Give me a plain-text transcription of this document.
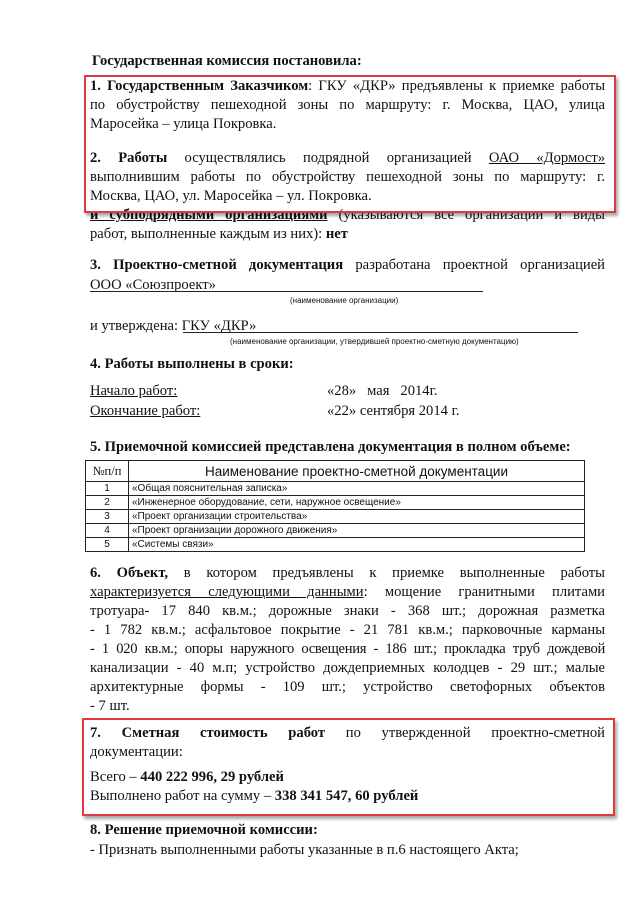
Государственная комиссия постановила:
1. Государственным Заказчиком: ГКУ «ДКР» предъявлены к приемке работы
по обустройству пешеходной зоны по маршруту: г. Москва, ЦАО, улица
Маросейка – улица Покровка.
2. Работы осуществлялись подрядной организацией ОАО «Дормост»
выполнившим работы по обустройству пешеходной зоны по маршруту: г.
Москва, ЦАО, ул. Маросейка – ул. Покровка.
и субподрядными организациями (указываются все организации и виды
работ, выполненные каждым из них): нет
3. Проектно-сметной документация разработана проектной организацией
ООО «Союзпроект»
(наименование организации)
и утверждена: ГКУ «ДКР»
(наименование организации, утвердившей проектно-сметную документацию)
4. Работы выполнены в сроки:
Начало работ:	«28»   мая   2014г.
Окончание работ:	«22» сентября 2014 г.
5. Приемочной комиссией представлена документация в полном объеме:
№п/п	Наименование проектно-сметной документации
1	«Общая пояснительная записка»
2	«Инженерное оборудование, сети, наружное освещение»
3	«Проект организации строительства»
4	«Проект организации дорожного движения»
5	«Системы связи»
6. Объект, в котором предъявлены к приемке выполненные работы
характеризуется следующими данными: мощение гранитными плитами
тротуара- 17 840 кв.м.; дорожные знаки - 368 шт.; дорожная разметка
- 1 782 кв.м.; асфальтовое покрытие - 21 781 кв.м.; парковочные карманы
- 1 020 кв.м.; опоры наружного освещения - 186 шт.; прокладка труб дождевой
канализации - 40 м.п; устройство дождеприемных колодцев - 29 шт.; малые
архитектурные формы - 109 шт.; устройство светофорных объектов
- 7 шт.
7. Сметная стоимость работ по утвержденной проектно-сметной
документации:
Всего – 440 222 996, 29 рублей
Выполнено работ на сумму – 338 341 547, 60 рублей
8. Решение приемочной комиссии:
- Признать выполненными работы указанные в п.6 настоящего Акта;
